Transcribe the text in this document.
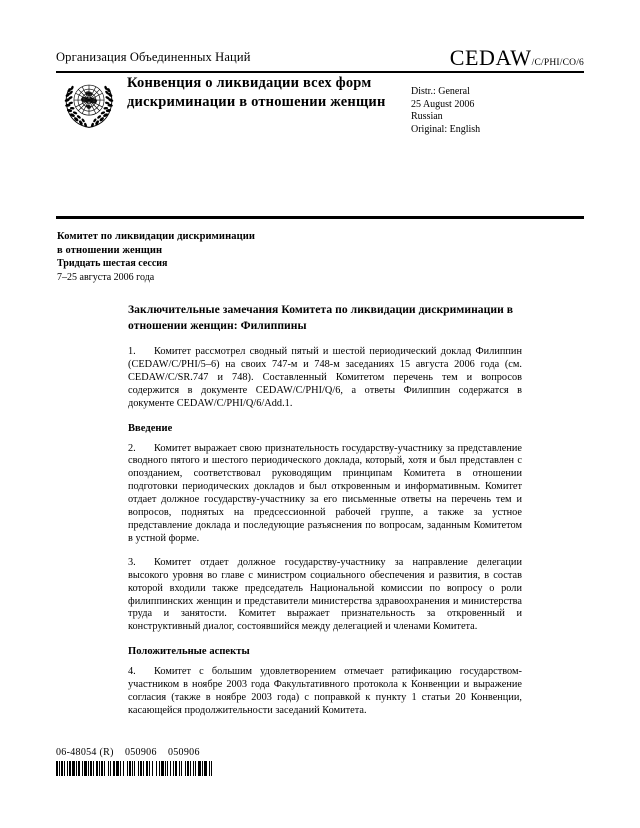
Организация Объединенных Наций	CEDAW/C/PHI/CO/6
Конвенция о ликвидации всех форм дискриминации в отношении женщин
Distr.: General
25 August 2006
Russian
Original: English
Комитет по ликвидации дискриминации
в отношении женщин
Тридцать шестая сессия
7–25 августа 2006 года
Заключительные замечания Комитета по ликвидации дискриминации в отношении женщин: Филиппины

1. Комитет рассмотрел сводный пятый и шестой периодический доклад Филиппин (CEDAW/C/PHI/5–6) на своих 747-м и 748-м заседаниях 15 августа 2006 года (см. CEDAW/C/SR.747 и 748). Составленный Комитетом перечень тем и вопросов содержится в документе CEDAW/C/PHI/Q/6, а ответы Филиппин содержатся в документе CEDAW/C/PHI/Q/6/Add.1.

Введение

2. Комитет выражает свою признательность государству-участнику за представление сводного пятого и шестого периодического доклада, который, хотя и был представлен с опозданием, соответствовал руководящим принципам Комитета в отношении подготовки периодических докладов и был откровенным и информативным. Комитет отдает должное государству-участнику за его письменные ответы на перечень тем и вопросов, поднятых на предсессионной рабочей группе, а также за устное представление доклада и последующие разъяснения по вопросам, заданным Комитетом в устной форме.

3. Комитет отдает должное государству-участнику за направление делегации высокого уровня во главе с министром социального обеспечения и развития, в состав которой входили также председатель Национальной комиссии по вопросу о роли филиппинских женщин и представители министерства здравоохранения и министерства труда и занятости. Комитет выражает признательность за откровенный и конструктивный диалог, состоявшийся между делегацией и членами Комитета.

Положительные аспекты

4. Комитет с большим удовлетворением отмечает ратификацию государством-участником в ноябре 2003 года Факультативного протокола к Конвенции и выражение согласия (также в ноябре 2003 года) с поправкой к пункту 1 статьи 20 Конвенции, касающейся продолжительности заседаний Комитета.

06-48054 (R)    050906    050906
